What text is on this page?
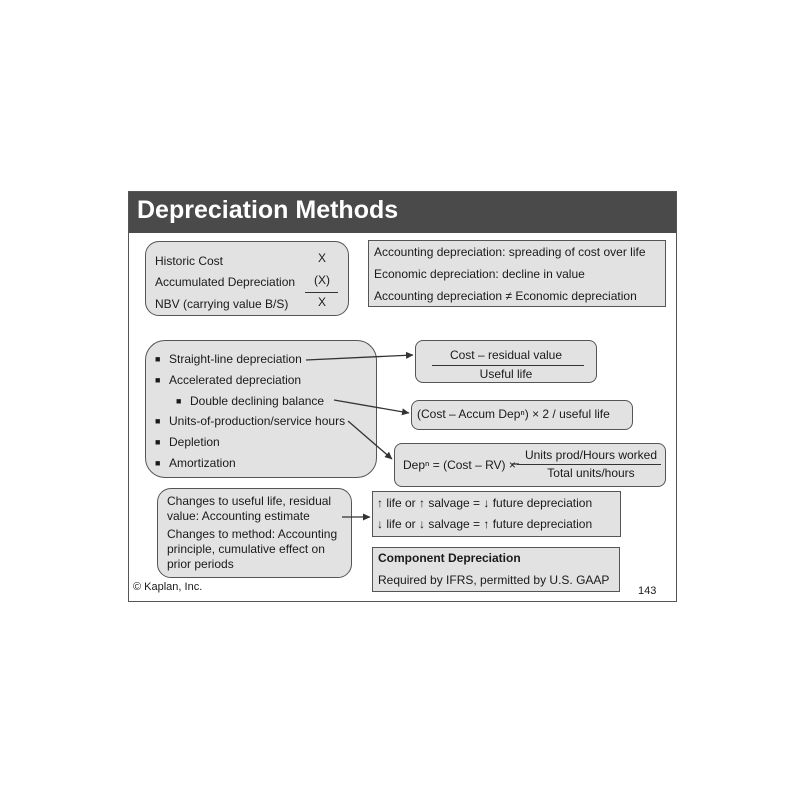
Depreciation Methods
Historic Cost	X
Accumulated Depreciation (X)
NBV (carrying value B/S) X
Accounting depreciation: spreading of cost over life
Economic depreciation: decline in value
Accounting depreciation ≠ Economic depreciation
■ Straight-line depreciation
■ Accelerated depreciation
■ Double declining balance
■ Units-of-production/service hours
■ Depletion
■ Amortization
Cost – residual value
Useful life
(Cost – Accum Depⁿ) × 2 / useful life
Depⁿ = (Cost – RV) ×
Units prod/Hours worked
Total units/hours
Changes to useful life, residual
value: Accounting estimate
Changes to method: Accounting
principle, cumulative effect on
prior periods
↑ life or ↑ salvage = ↓ future depreciation
↓ life or ↓ salvage = ↑ future depreciation
Component Depreciation
Required by IFRS, permitted by U.S. GAAP
© Kaplan, Inc.	143
